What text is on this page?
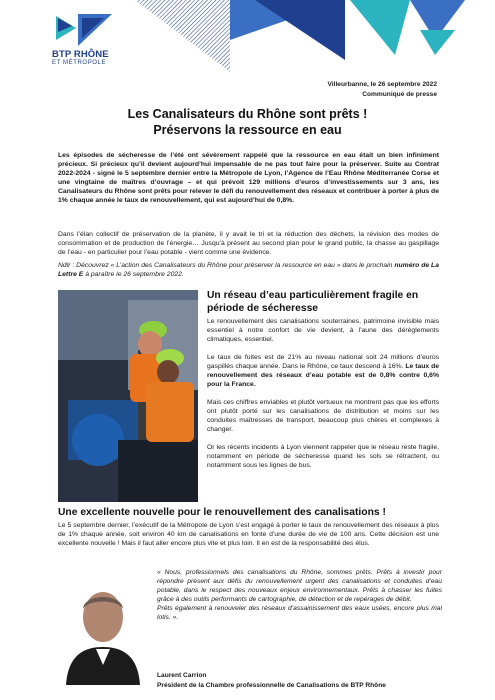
BTP RHÔNE
ET MÉTROPOLE
Villeurbanne, le 26 septembre 2022
Communiqué de presse
Les Canalisateurs du Rhône sont prêts !
Préservons la ressource en eau
Les épisodes de sécheresse de l’été ont sévèrement rappelé que la ressource en eau était un bien infiniment précieux. Si précieux qu’il devient aujourd’hui impensable de ne pas tout faire pour la préserver. Suite au Contrat 2022-2024 - signé le 5 septembre dernier entre la Métropole de Lyon, l’Agence de l’Eau Rhône Méditerranée Corse et une vingtaine de maîtres d’ouvrage – et qui prévoit 129 millions d’euros d’investissements sur 3 ans, les Canalisateurs du Rhône sont prêts pour relever le défi du renouvellement des réseaux et contribuer à porter à plus de 1% chaque année le taux de renouvellement, qui est aujourd’hui de 0,8%.
Dans l’élan collectif de préservation de la planète, il y avait le tri et la réduction des déchets, la révision des modes de consommation et de production de l’énergie… Jusqu’à présent au second plan pour le grand public, la chasse au gaspillage de l’eau - en particulier pour l’eau potable - vient comme une évidence.
Ndlr : Découvrez « L’action des Canalisateurs du Rhône pour préserver la ressource en eau » dans le prochain numéro de La Lettre E à paraître le 26 septembre 2022.
Un réseau d’eau particulièrement fragile en période de sécheresse
Le renouvellement des canalisations souterraines, patrimoine invisible mais essentiel à notre confort de vie devient, à l’aune des dérèglements climatiques, essentiel.
Le taux de fuites est de 21% au niveau national soit 24 millions d’euros gaspillés chaque année. Dans le Rhône, ce taux descend à 16%. Le taux de renouvellement des réseaux d’eau potable est de 0,8% contre 0,6% pour la France.
Mais ces chiffres enviables et plutôt vertueux ne montrent pas que les efforts ont plutôt porté sur les canalisations de distribution et moins sur les conduites maîtresses de transport, beaucoup plus chères et complexes à changer.
Or les récents incidents à Lyon viennent rappeler que le réseau reste fragile, notamment en période de sécheresse quand les sols se rétractent, ou notamment sous les lignes de bus.
Une excellente nouvelle pour le renouvellement des canalisations !
Le 5 septembre dernier, l’exécutif de la Métropole de Lyon s’est engagé à porter le taux de renouvellement des réseaux à plus de 1% chaque année, soit environ 40 km de canalisations en fonte d’une durée de vie de 100 ans. Cette décision est une excellente nouvelle ! Mais il faut aller encore plus vite et plus loin. Il en est de la responsabilité des élus.
« Nous, professionnels des canalisations du Rhône, sommes prêts. Prêts à investir pour répondre présent aux défis du renouvellement urgent des canalisations et conduites d’eau potable, dans le respect des nouveaux enjeux environnementaux. Prêts à chasser les fuites grâce à des outils performants de cartographie, de détection et de repérages de débit.
Prêts également à renouveler des réseaux d’assainissement des eaux usées, encore plus mal lotis. ».
Laurent Carrion
Président de la Chambre professionnelle de Canalisations de BTP Rhône
